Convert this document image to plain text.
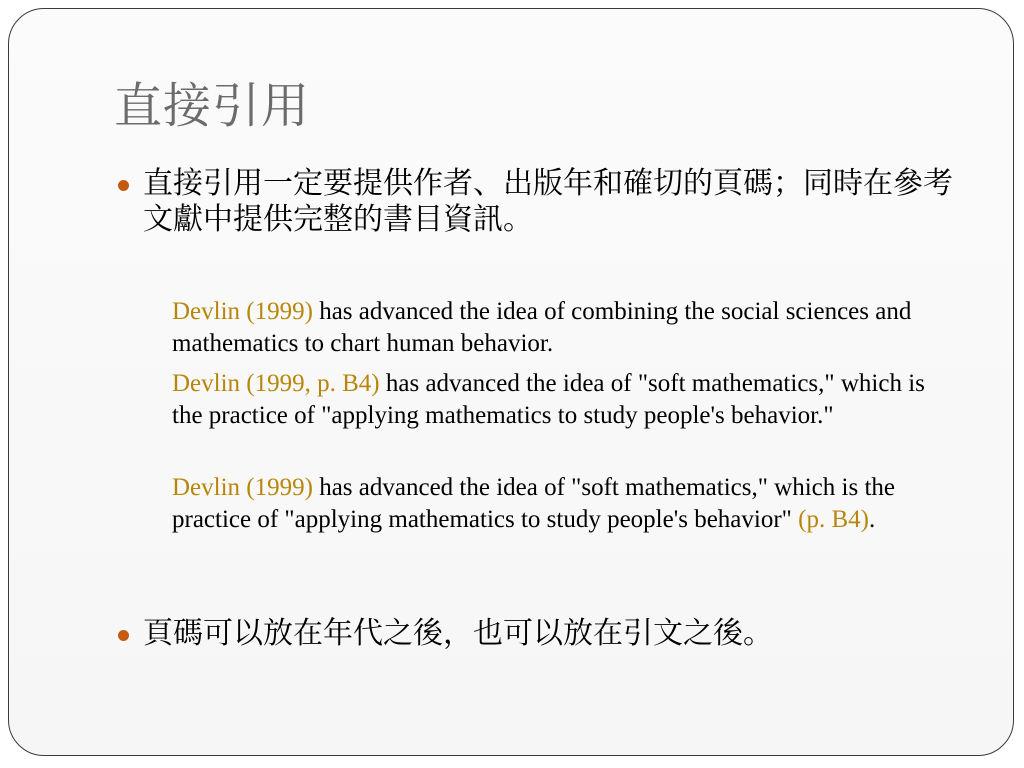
直接引用
直接引用一定要提供作者、出版年和確切的頁碼；同時在參考文獻中提供完整的書目資訊。
Devlin (1999) has advanced the idea of combining the social sciences and mathematics to chart human behavior.
Devlin (1999, p. B4) has advanced the idea of "soft mathematics," which is the practice of "applying mathematics to study people's behavior."
Devlin (1999) has advanced the idea of "soft mathematics," which is the practice of "applying mathematics to study people's behavior" (p. B4).
頁碼可以放在年代之後，也可以放在引文之後。
